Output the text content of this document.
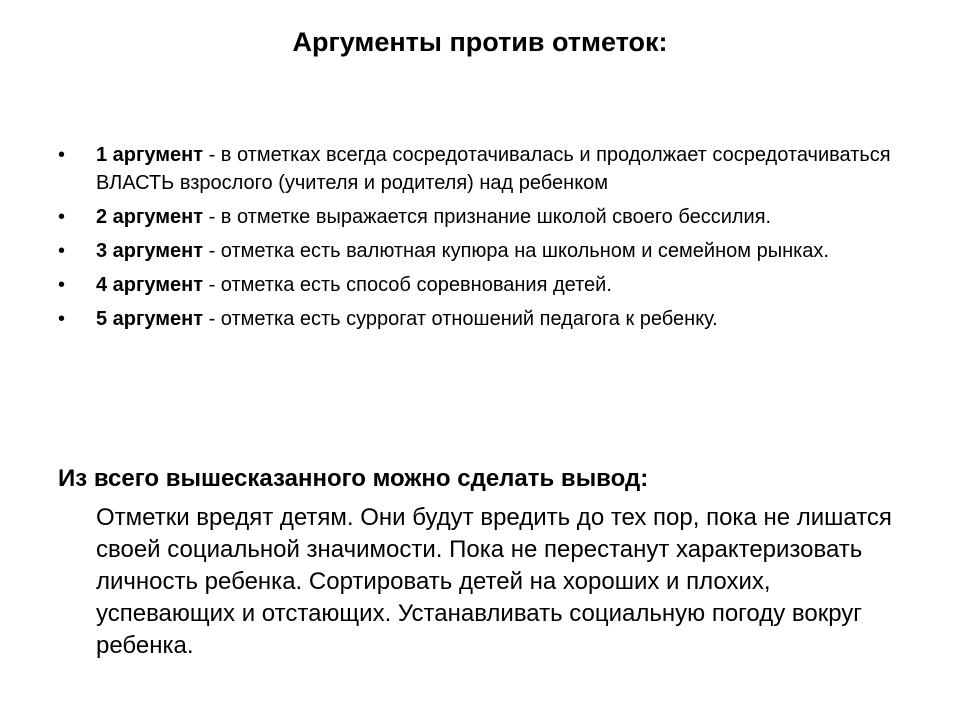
Аргументы против отметок:
• 1 аргумент - в отметках всегда сосредотачивалась и продолжает сосредотачиваться ВЛАСТЬ взрослого (учителя и родителя) над ребенком
• 2 аргумент - в отметке выражается признание школой своего бессилия.
• 3 аргумент - отметка есть валютная купюра на школьном и семейном рынках.
• 4 аргумент - отметка есть способ соревнования детей.
• 5 аргумент - отметка есть суррогат отношений педагога к ребенку.
Из всего вышесказанного можно сделать вывод:

Отметки вредят детям. Они будут вредить до тех пор, пока не лишатся своей социальной значимости. Пока не перестанут характеризовать личность ребенка. Сортировать детей на хороших и плохих, успевающих и отстающих. Устанавливать социальную погоду вокруг ребенка.
